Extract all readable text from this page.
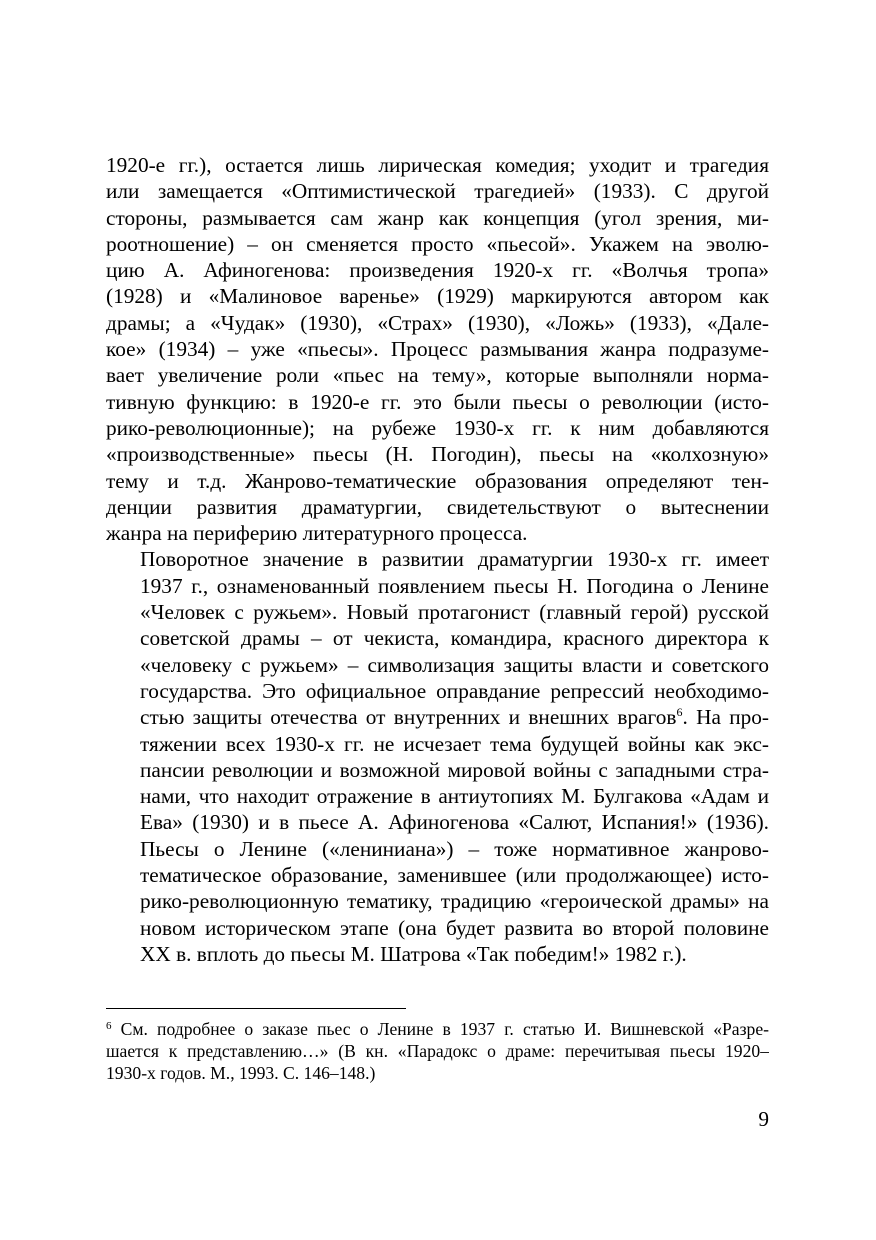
1920-е гг.), остается лишь лирическая комедия; уходит и трагедия
или замещается «Оптимистической трагедией» (1933). С другой
стороны, размывается сам жанр как концепция (угол зрения, ми-
роотношение) – он сменяется просто «пьесой». Укажем на эволю-
цию А. Афиногенова: произведения 1920-х гг. «Волчья тропа»
(1928) и «Малиновое варенье» (1929) маркируются автором как
драмы; а «Чудак» (1930), «Страх» (1930), «Ложь» (1933), «Дале-
кое» (1934) – уже «пьесы». Процесс размывания жанра подразуме-
вает увеличение роли «пьес на тему», которые выполняли норма-
тивную функцию: в 1920-е гг. это были пьесы о революции (исто-
рико-революционные); на рубеже 1930-х гг. к ним добавляются
«производственные» пьесы (Н. Погодин), пьесы на «колхозную»
тему и т.д. Жанрово-тематические образования определяют тен-
денции развития драматургии, свидетельствуют о вытеснении
жанра на периферию литературного процесса.

Поворотное значение в развитии драматургии 1930-х гг. имеет
1937 г., ознаменованный появлением пьесы Н. Погодина о Ленине
«Человек с ружьем». Новый протагонист (главный герой) русской
советской драмы – от чекиста, командира, красного директора к
«человеку с ружьем» – символизация защиты власти и советского
государства. Это официальное оправдание репрессий необходимо-
стью защиты отечества от внутренних и внешних врагов$^6$. На про-
тяжении всех 1930-х гг. не исчезает тема будущей войны как экс-
пансии революции и возможной мировой войны с западными стра-
нами, что находит отражение в антиутопиях М. Булгакова «Адам и
Ева» (1930) и в пьесе А. Афиногенова «Салют, Испания!» (1936).
Пьесы о Ленине («лениниана») – тоже нормативное жанрово-
тематическое образование, заменившее (или продолжающее) исто-
рико-революционную тематику, традицию «героической драмы» на
новом историческом этапе (она будет развита во второй половине
XX в. вплоть до пьесы М. Шатрова «Так победим!» 1982 г.).

$^6$ См. подробнее о заказе пьес о Ленине в 1937 г. статью И. Вишневской «Разре-
шается к представлению…» (В кн. «Парадокс о драме: перечитывая пьесы 1920–
1930-х годов. М., 1993. С. 146–148.)
9
